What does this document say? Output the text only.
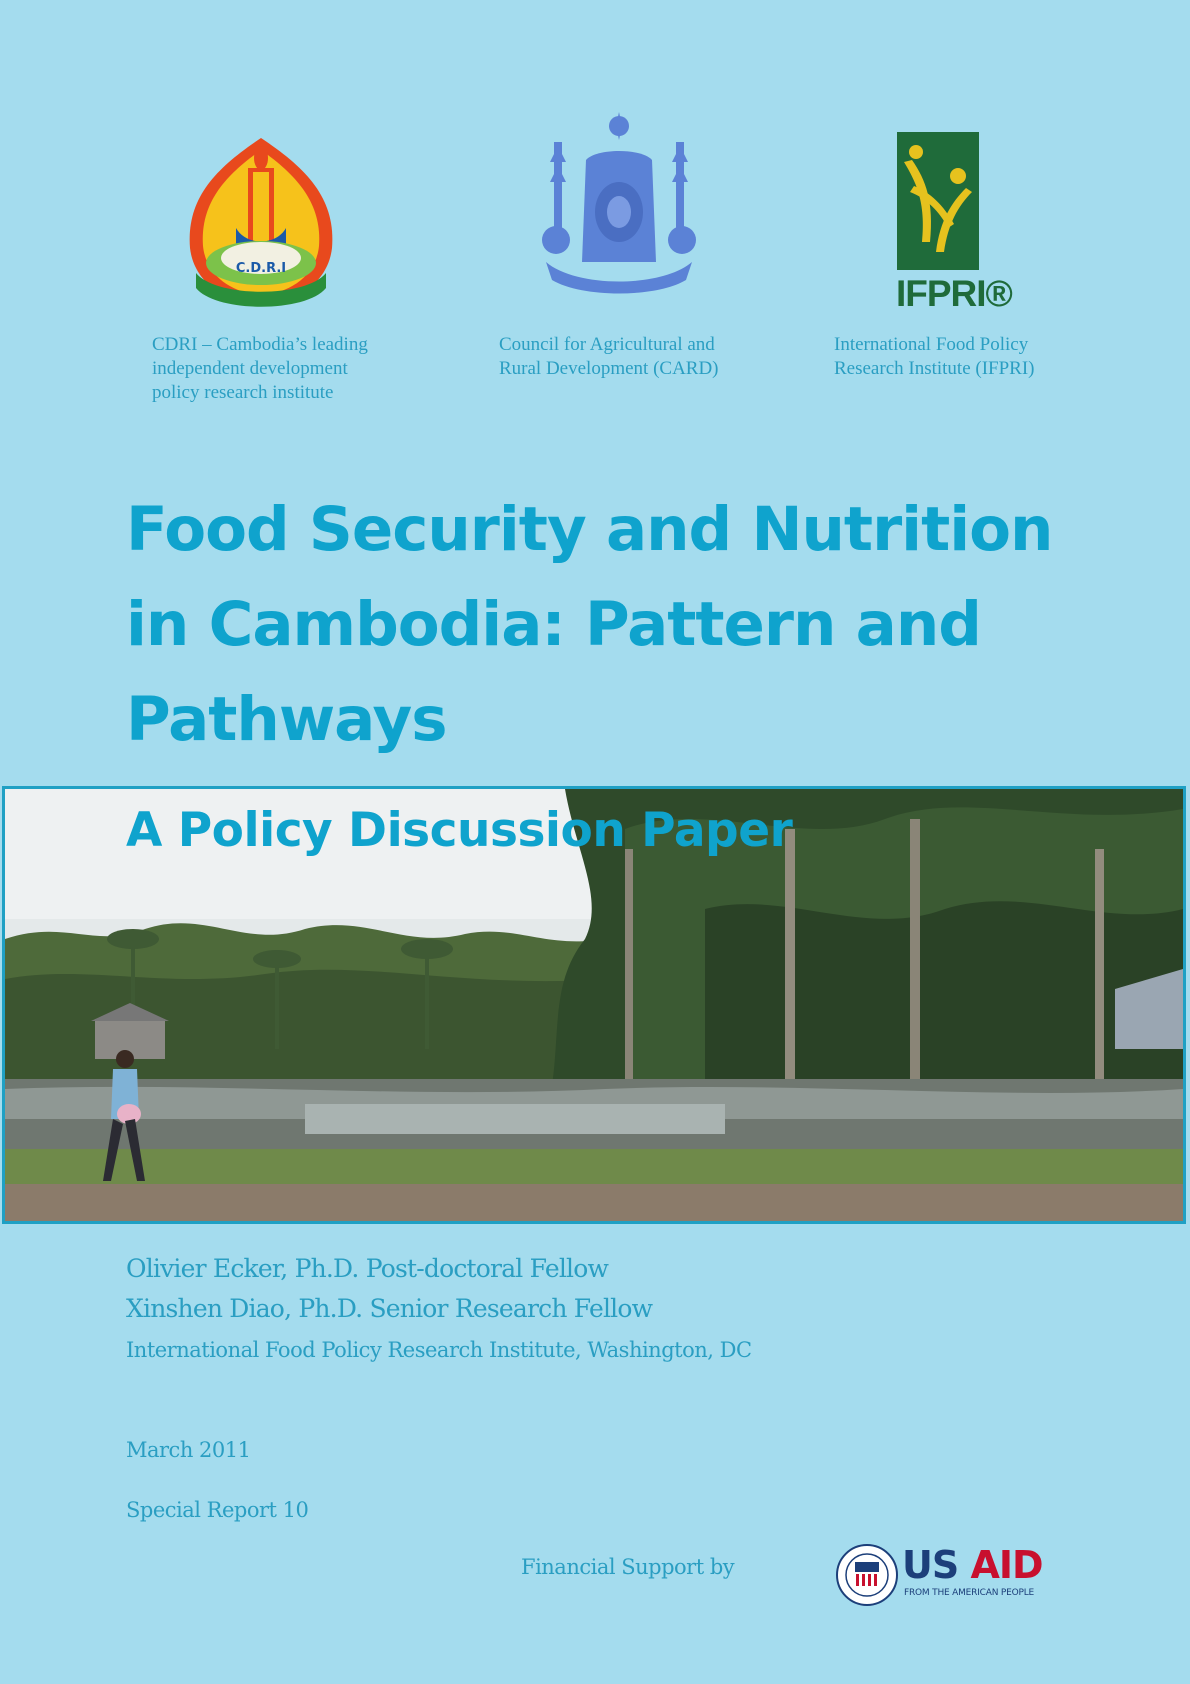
C.D.R.I
IFPRI®
CDRI – Cambodia’s leading
independent development
policy research institute
Council for Agricultural and
Rural Development (CARD)
International Food Policy
Research Institute (IFPRI)
Food Security and Nutrition
in Cambodia: Pattern and
Pathways
A Policy Discussion Paper
Olivier Ecker, Ph.D. Post-doctoral Fellow
Xinshen Diao, Ph.D. Senior Research Fellow
International Food Policy Research Institute, Washington, DC
March 2011
Special Report 10
Financial Support by	US AID
FROM THE AMERICAN PEOPLE
